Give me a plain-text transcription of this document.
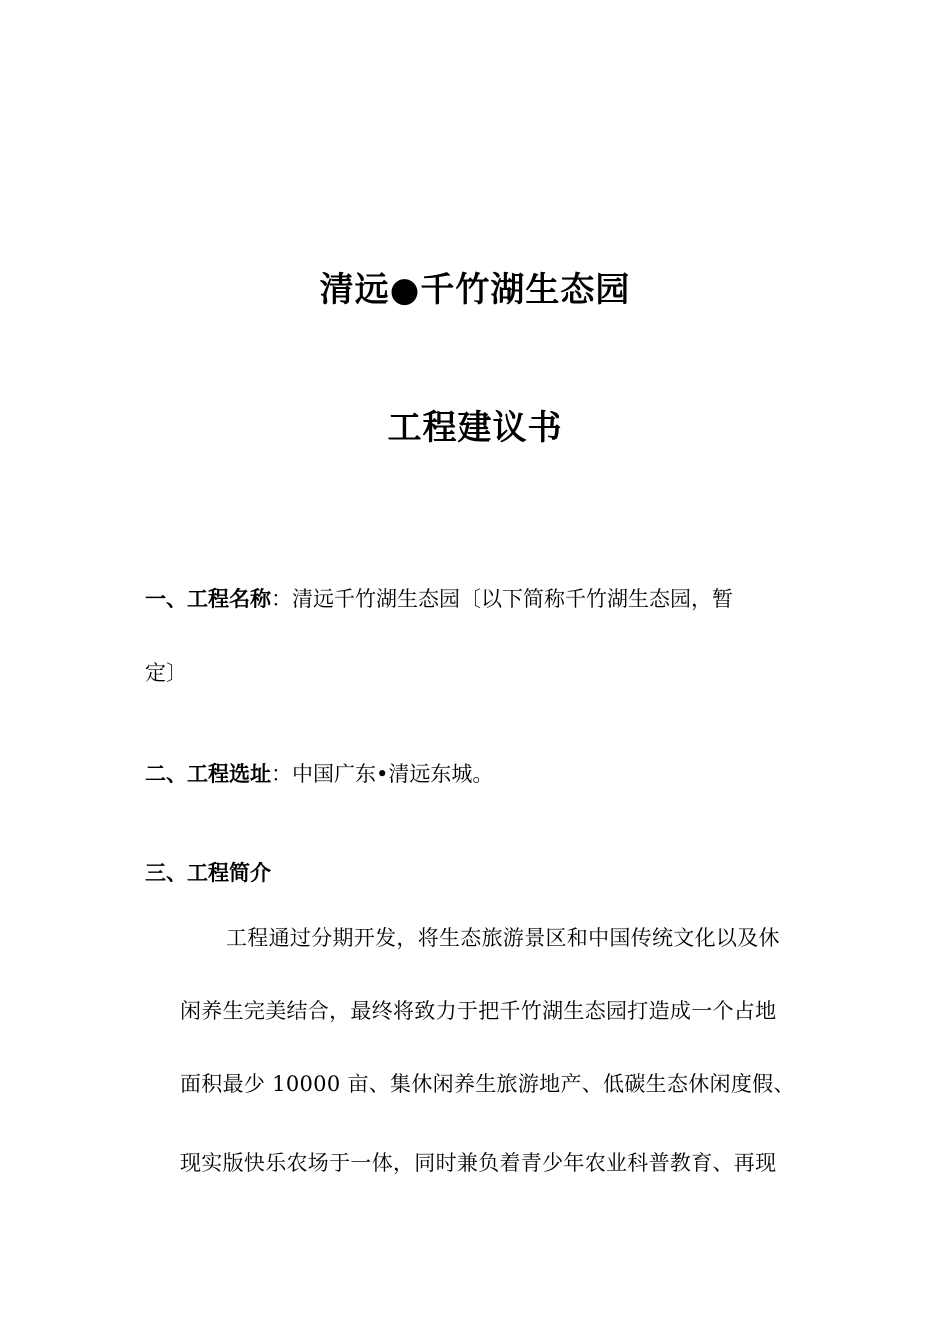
清远●千竹湖生态园
工程建议书
一、工程名称：清远千竹湖生态园〔以下简称千竹湖生态园，暂
定〕
二、工程选址：中国广东•清远东城。
三、工程简介
工程通过分期开发，将生态旅游景区和中国传统文化以及休
闲养生完美结合，最终将致力于把千竹湖生态园打造成一个占地
面积最少 10000 亩、集休闲养生旅游地产、低碳生态休闲度假、
现实版快乐农场于一体，同时兼负着青少年农业科普教育、再现
